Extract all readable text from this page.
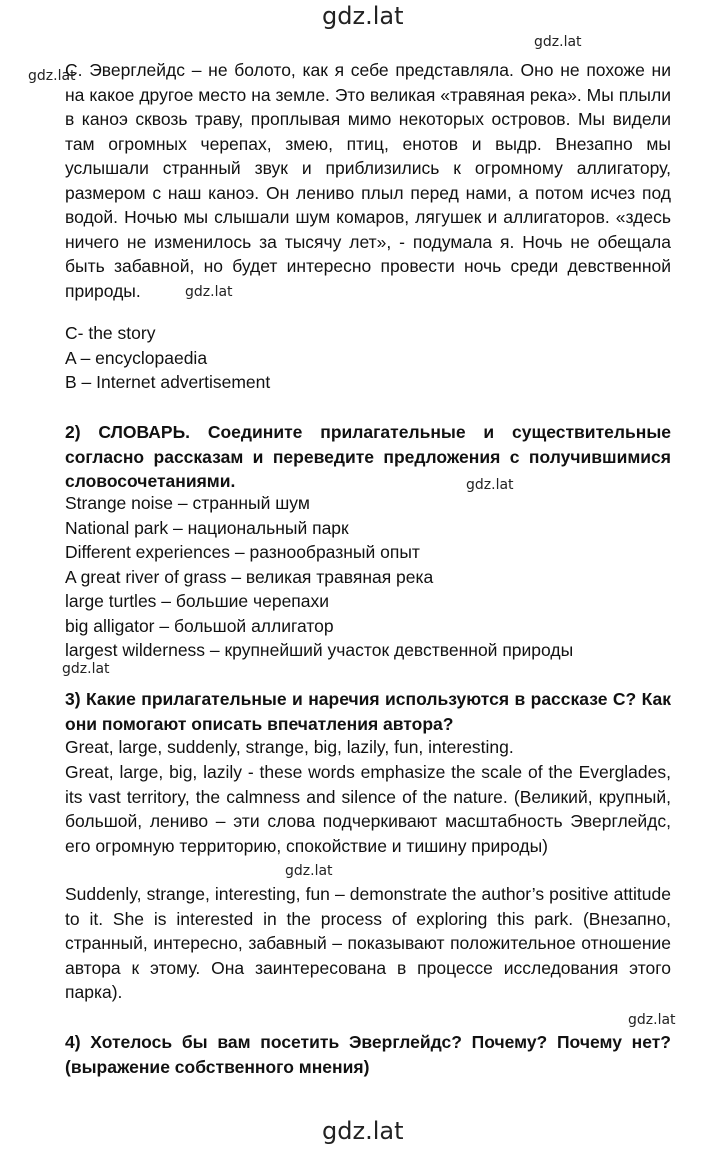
gdz.lat
gdz.lat
gdz.lat
gdz.lat
gdz.lat
gdz.lat
gdz.lat
gdz.lat
gdz.lat
С. Эверглейдс – не болото, как я себе представляла. Оно не похоже ни на какое другое место на земле. Это великая «травяная река». Мы плыли в каноэ сквозь траву, проплывая мимо некоторых островов. Мы видели там огромных черепах, змею, птиц, енотов и выдр. Внезапно мы услышали странный звук и приблизились к огромному аллигатору, размером с наш каноэ. Он лениво плыл перед нами, а потом исчез под водой. Ночью мы слышали шум комаров, лягушек и аллигаторов. «здесь ничего не изменилось за тысячу лет», - подумала я. Ночь не обещала быть забавной, но будет интересно провести ночь среди девственной природы.

C- the story

A – encyclopaedia

B – Internet advertisement

2) СЛОВАРЬ. Соедините прилагательные и существительные согласно рассказам и переведите предложения с получившимися словосочетаниями.

Strange noise – странный шум

National park – национальный парк

Different experiences – разнообразный опыт

A great river of grass – великая травяная река

large turtles – большие черепахи

big alligator – большой аллигатор

largest wilderness – крупнейший участок девственной природы

3) Какие прилагательные и наречия используются в рассказе С? Как они помогают описать впечатления автора?
Great, large, suddenly, strange, big, lazily, fun, interesting.
Great, large, big, lazily - these words emphasize the scale of the Everglades, its vast territory, the calmness and silence of the nature. (Великий, крупный, большой, лениво – эти слова подчеркивают масштабность Эверглейдс, его огромную территорию, спокойствие и тишину природы)
Suddenly, strange, interesting, fun – demonstrate the author’s positive attitude to it. She is interested in the process of exploring this park. (Внезапно, странный, интересно, забавный – показывают положительное отношение автора к этому. Она заинтересована в процессе исследования этого парка).
4) Хотелось бы вам посетить Эверглейдс? Почему? Почему нет? (выражение собственного мнения)
